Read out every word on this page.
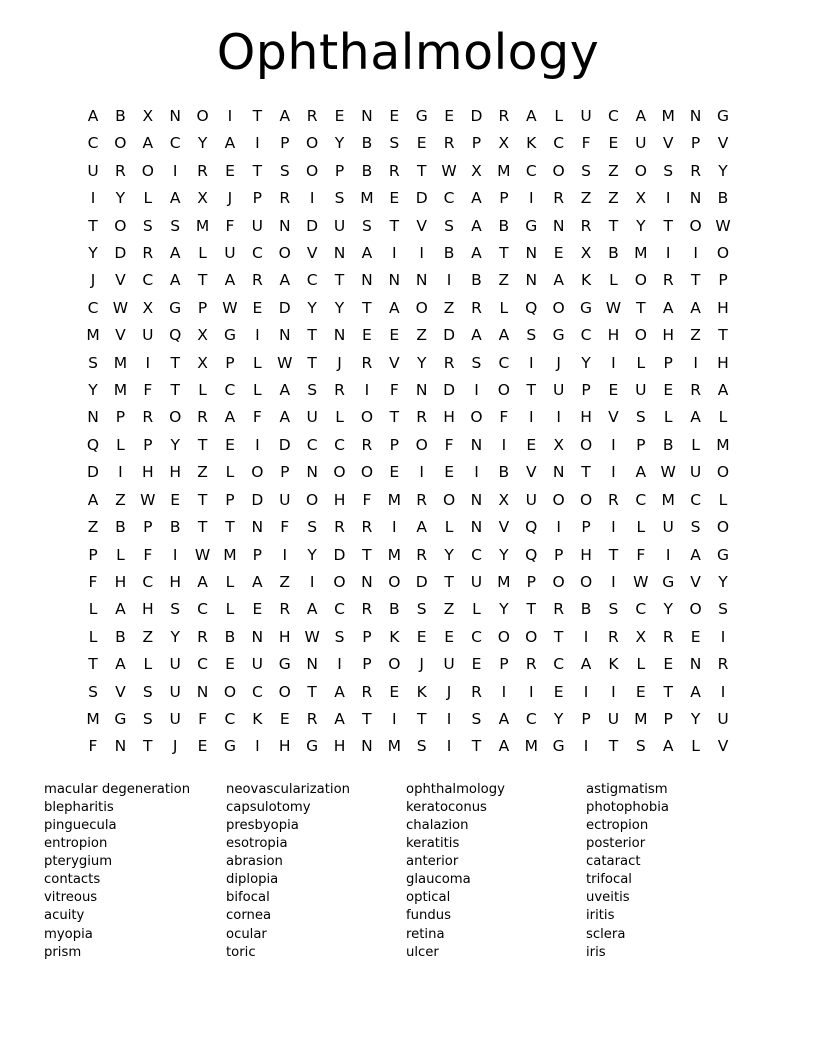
Ophthalmology
A	B	X	N	O	I	T	A	R	E	N	E	G	E	D	R	A	L	U	C	A	M	N	G
C	O	A	C	Y	A	I	P	O	Y	B	S	E	R	P	X	K	C	F	E	U	V	P	V
U	R	O	I	R	E	T	S	O	P	B	R	T	W	X	M	C	O	S	Z	O	S	R	Y
I	Y	L	A	X	J	P	R	I	S	M	E	D	C	A	P	I	R	Z	Z	X	I	N	B
T	O	S	S	M	F	U	N	D	U	S	T	V	S	A	B	G	N	R	T	Y	T	O	W
Y	D	R	A	L	U	C	O	V	N	A	I	I	B	A	T	N	E	X	B	M	I	I	O
J	V	C	A	T	A	R	A	C	T	N	N	N	I	B	Z	N	A	K	L	O	R	T	P
C	W	X	G	P	W	E	D	Y	Y	T	A	O	Z	R	L	Q	O	G	W	T	A	A	H
M	V	U	Q	X	G	I	N	T	N	E	E	Z	D	A	A	S	G	C	H	O	H	Z	T
S	M	I	T	X	P	L	W	T	J	R	V	Y	R	S	C	I	J	Y	I	L	P	I	H
Y	M	F	T	L	C	L	A	S	R	I	F	N	D	I	O	T	U	P	E	U	E	R	A
N	P	R	O	R	A	F	A	U	L	O	T	R	H	O	F	I	I	H	V	S	L	A	L
Q	L	P	Y	T	E	I	D	C	C	R	P	O	F	N	I	E	X	O	I	P	B	L	M
D	I	H	H	Z	L	O	P	N	O	O	E	I	E	I	B	V	N	T	I	A	W	U	O
A	Z	W	E	T	P	D	U	O	H	F	M	R	O	N	X	U	O	O	R	C	M	C	L
Z	B	P	B	T	T	N	F	S	R	R	I	A	L	N	V	Q	I	P	I	L	U	S	O
P	L	F	I	W	M	P	I	Y	D	T	M	R	Y	C	Y	Q	P	H	T	F	I	A	G
F	H	C	H	A	L	A	Z	I	O	N	O	D	T	U	M	P	O	O	I	W	G	V	Y
L	A	H	S	C	L	E	R	A	C	R	B	S	Z	L	Y	T	R	B	S	C	Y	O	S
L	B	Z	Y	R	B	N	H	W	S	P	K	E	E	C	O	O	T	I	R	X	R	E	I
T	A	L	U	C	E	U	G	N	I	P	O	J	U	E	P	R	C	A	K	L	E	N	R
S	V	S	U	N	O	C	O	T	A	R	E	K	J	R	I	I	E	I	I	E	T	A	I
M	G	S	U	F	C	K	E	R	A	T	I	T	I	S	A	C	Y	P	U	M	P	Y	U
F	N	T	J	E	G	I	H	G	H	N	M	S	I	T	A	M	G	I	T	S	A	L	V
macular degeneration
blepharitis
pinguecula
entropion
pterygium
contacts
vitreous
acuity
myopia
prism
neovascularization
capsulotomy
presbyopia
esotropia
abrasion
diplopia
bifocal
cornea
ocular
toric
ophthalmology
keratoconus
chalazion
keratitis
anterior
glaucoma
optical
fundus
retina
ulcer
astigmatism
photophobia
ectropion
posterior
cataract
trifocal
uveitis
iritis
sclera
iris
